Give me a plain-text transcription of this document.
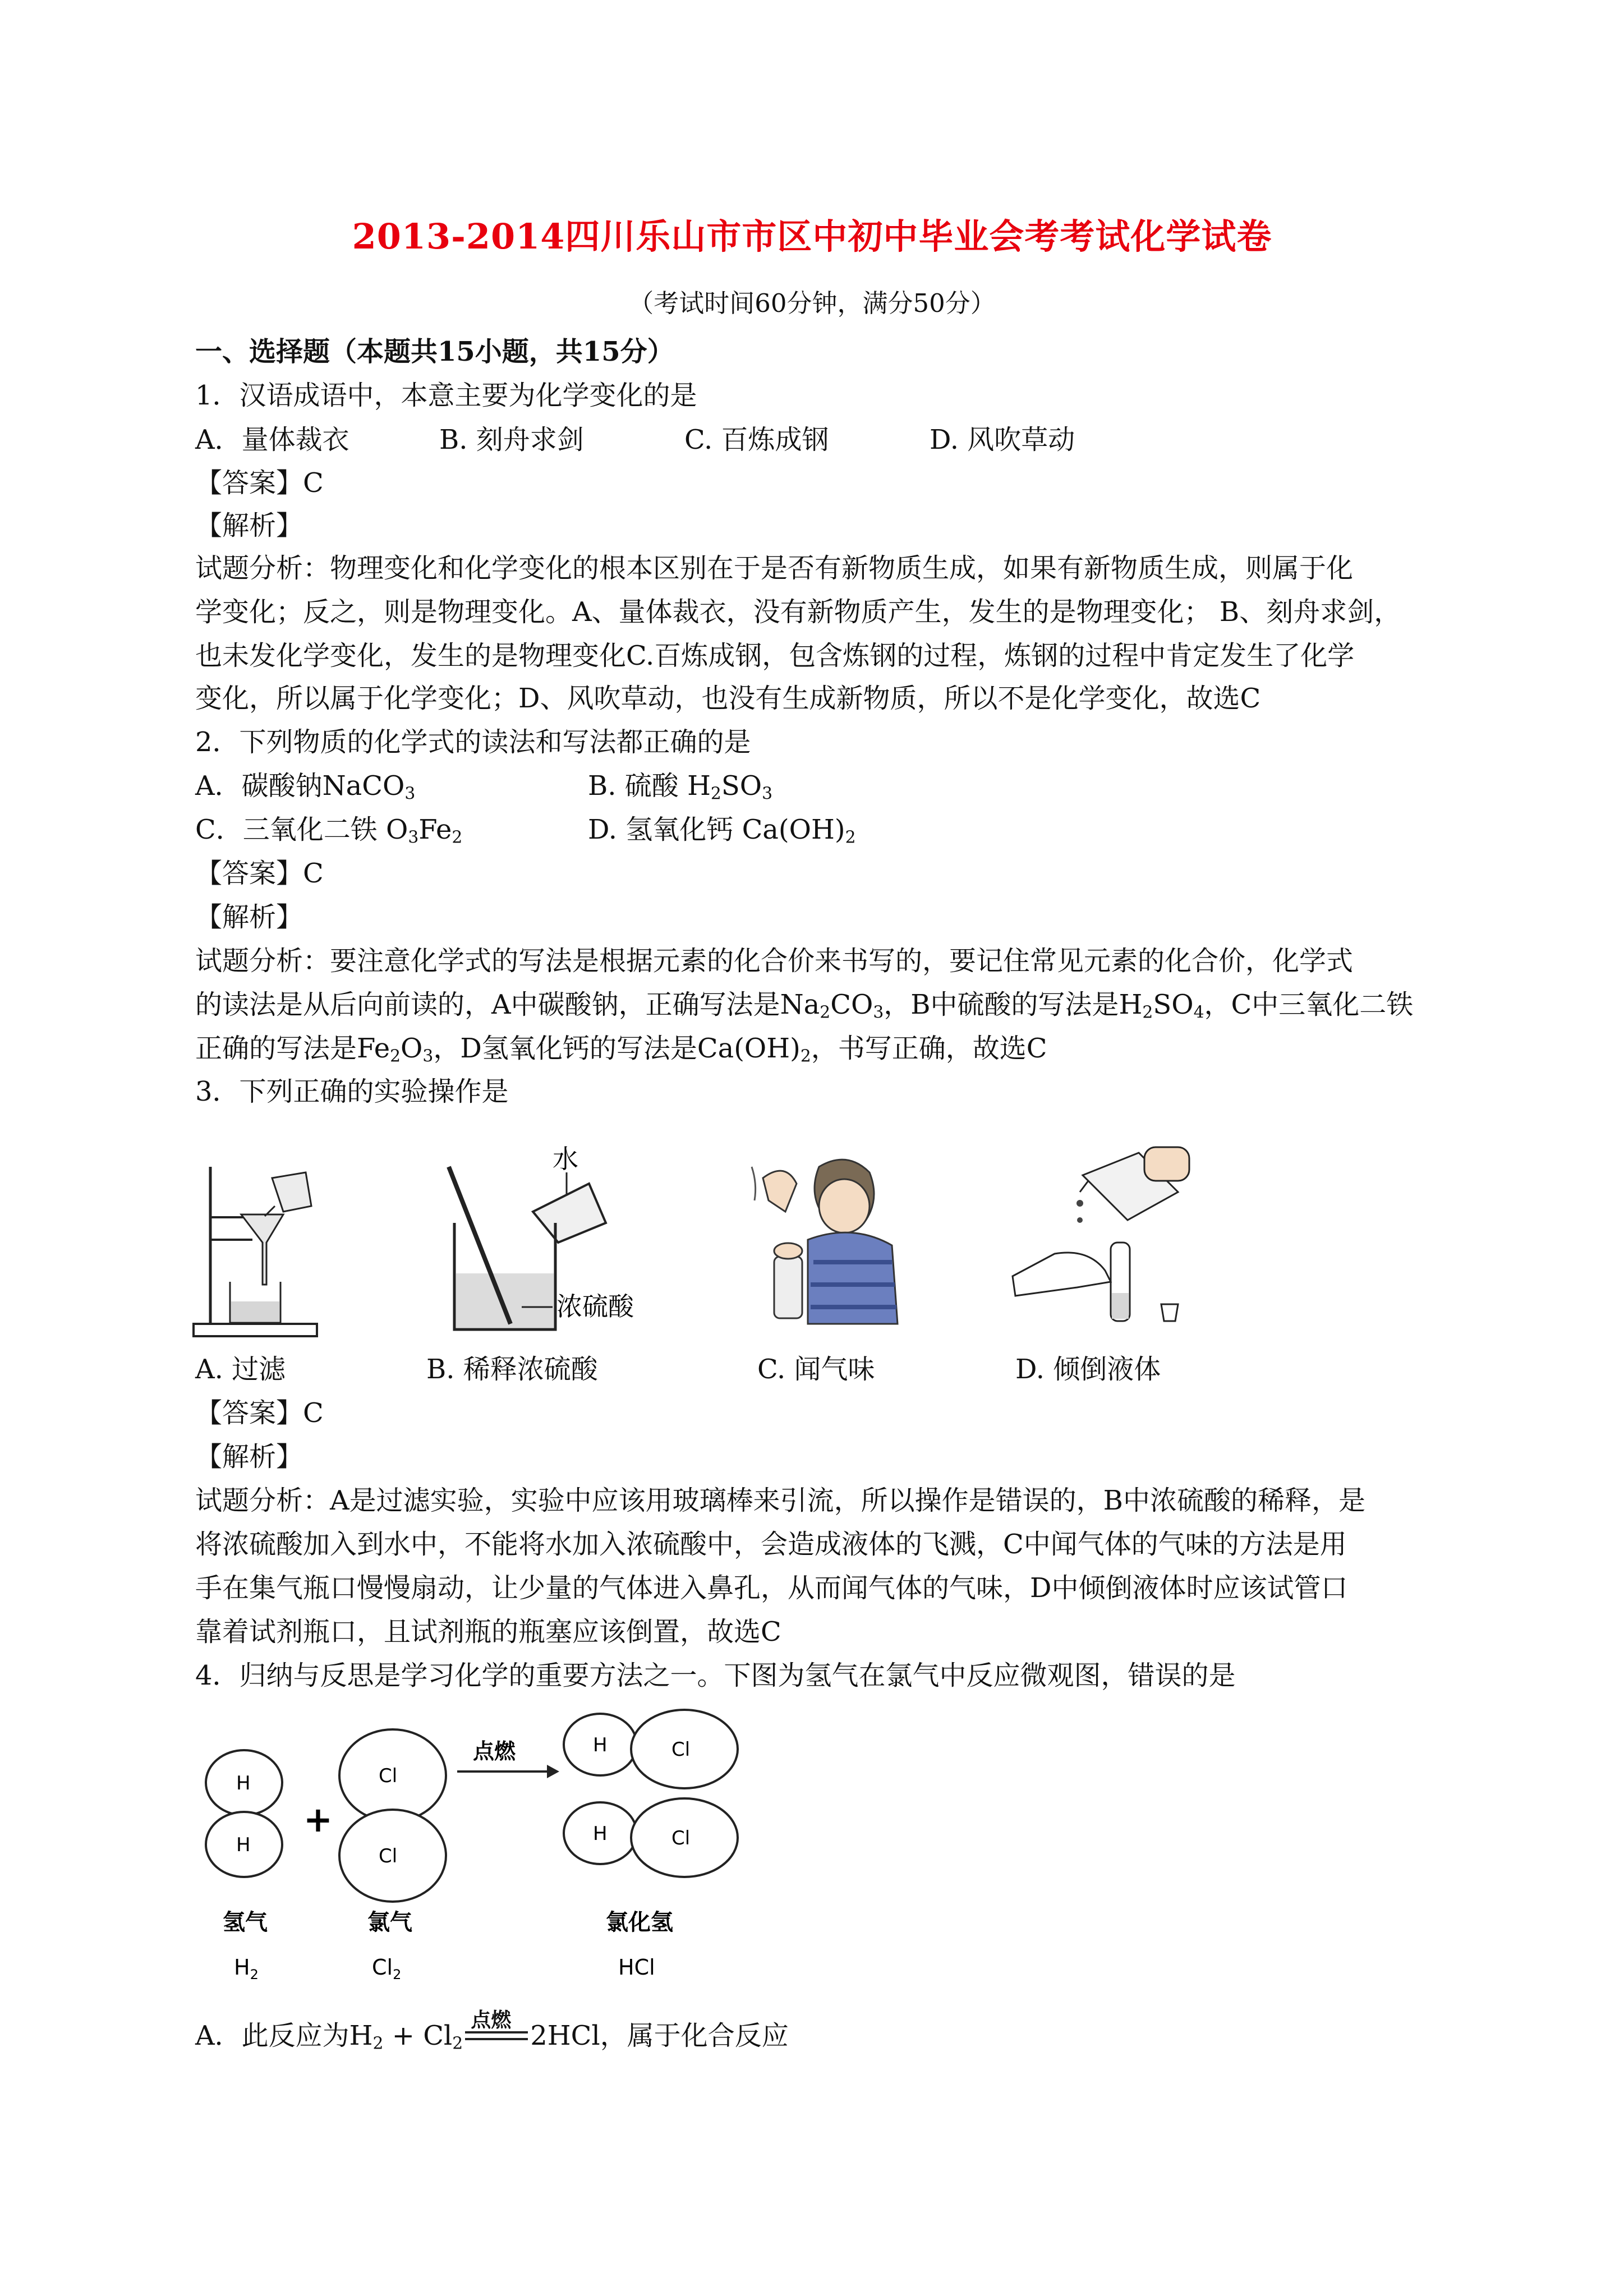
2013-2014四川乐山市市区中初中毕业会考考试化学试卷
（考试时间60分钟，满分50分）
一、选择题（本题共15小题，共15分）
1．汉语成语中，本意主要为化学变化的是
A．量体裁衣	B. 刻舟求剑	C. 百炼成钢	D. 风吹草动
【答案】C
【解析】
试题分析：物理变化和化学变化的根本区别在于是否有新物质生成，如果有新物质生成，则属于化
学变化；反之，则是物理变化。A、量体裁衣，没有新物质产生，发生的是物理变化； B、刻舟求剑，
也未发化学变化，发生的是物理变化C.百炼成钢，包含炼钢的过程，炼钢的过程中肯定发生了化学
变化，所以属于化学变化；D、风吹草动，也没有生成新物质，所以不是化学变化，故选C
2．下列物质的化学式的读法和写法都正确的是
A．碳酸钠NaCO$_3$	B. 硫酸 $H_2SO_3$
C．三氧化二铁 $O_3Fe_2$	D. 氢氧化钙 $Ca(OH)_2$
【答案】C
【解析】
试题分析：要注意化学式的写法是根据元素的化合价来书写的，要记住常见元素的化合价，化学式
的读法是从后向前读的，A中碳酸钠，正确写法是$Na_2CO_3$，B中硫酸的写法是$H_2SO_4$，C中三氧化二铁
正确的写法是$Fe_2O_3$，D氢氧化钙的写法是$Ca(OH)_2$，书写正确，故选C
3．下列正确的实验操作是
水
浓硫酸
A. 过滤	B. 稀释浓硫酸	C. 闻气味	D. 倾倒液体
【答案】C
【解析】
试题分析：A是过滤实验，实验中应该用玻璃棒来引流，所以操作是错误的，B中浓硫酸的稀释，是
将浓硫酸加入到水中，不能将水加入浓硫酸中，会造成液体的飞溅，C中闻气体的气味的方法是用
手在集气瓶口慢慢扇动，让少量的气体进入鼻孔，从而闻气体的气味，D中倾倒液体时应该试管口
靠着试剂瓶口，且试剂瓶的瓶塞应该倒置，故选C
4．归纳与反思是学习化学的重要方法之一。下图为氢气在氯气中反应微观图，错误的是
H
H
+
Cl
Cl
点燃	H	Cl
H	Cl
氢气	氯气	氯化氢
$H_2$	$Cl_2$	HCl
A．此反应为$H_2 + Cl_2$
点燃 2HCl，属于化合反应
